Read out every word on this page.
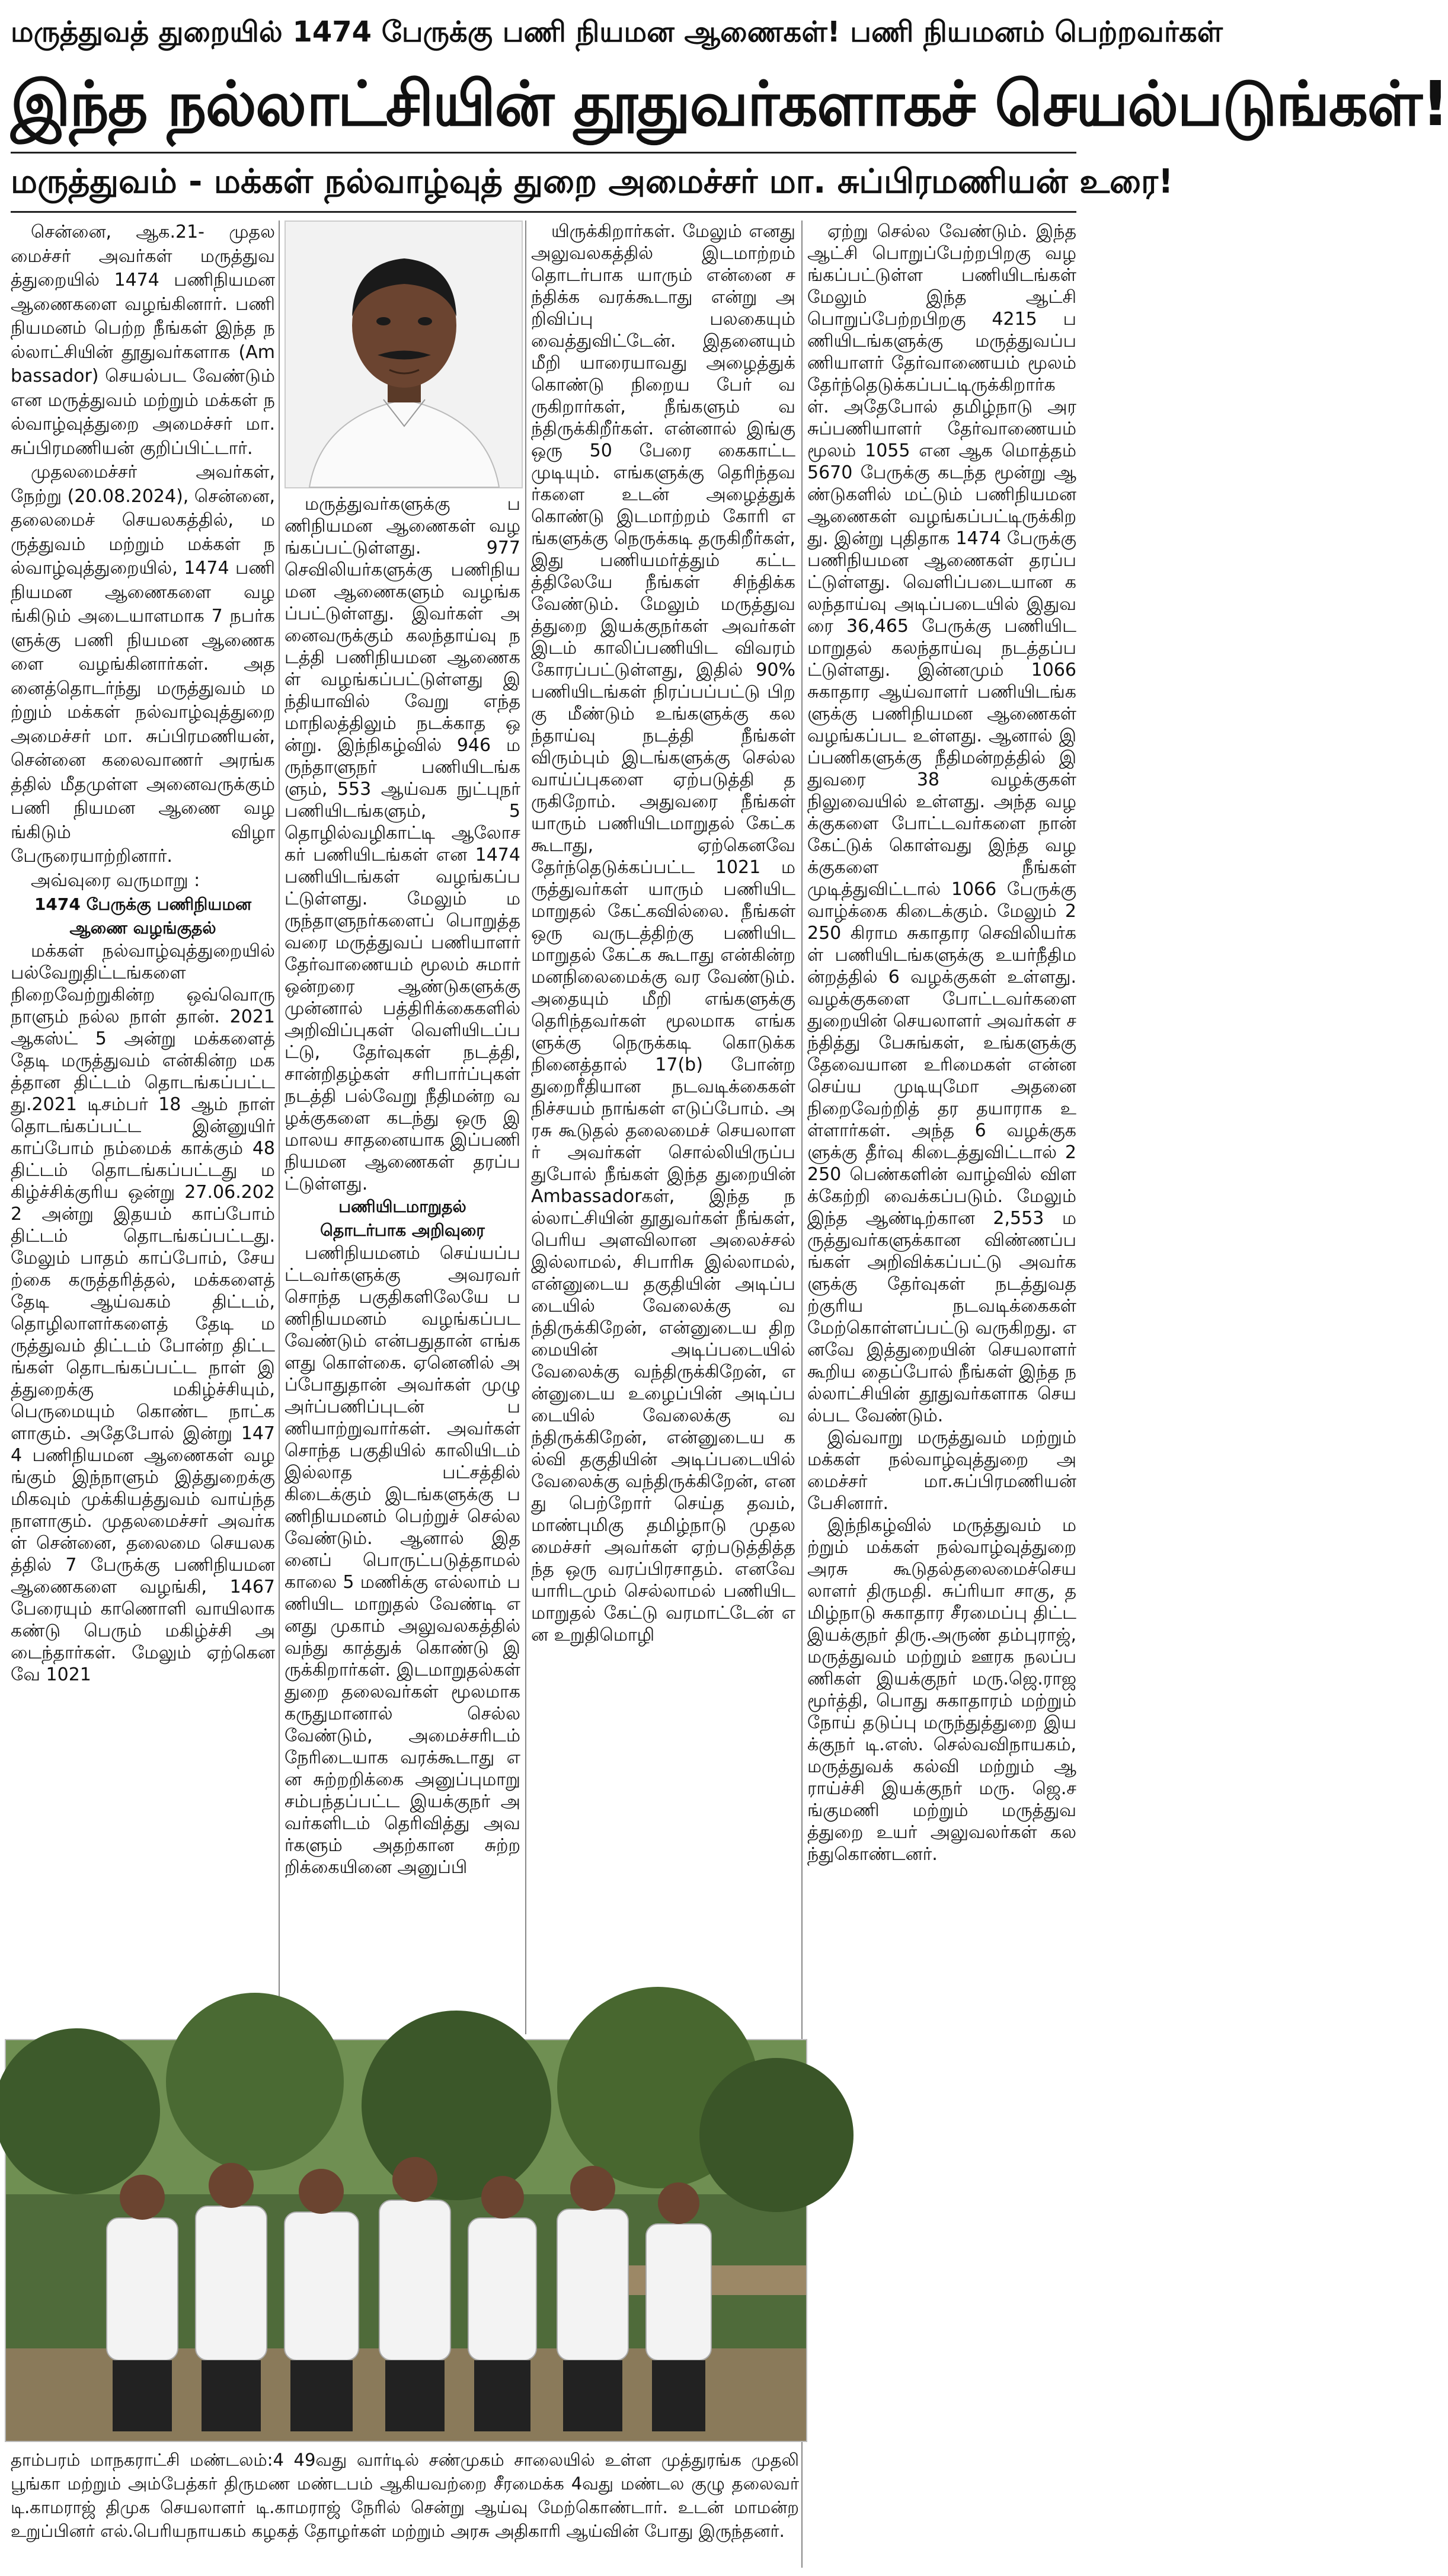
மருத்துவத் துறையில் 1474 பேருக்கு பணி நியமன ஆணைகள்! பணி நியமனம் பெற்றவர்கள்
இந்த நல்லாட்சியின் தூதுவர்களாகச் செயல்படுங்கள்!
மருத்துவம் - மக்கள் நல்வாழ்வுத் துறை அமைச்சர் மா. சுப்பிரமணியன் உரை!

சென்னை, ஆக.21- முதலமைச்சர் அவர்கள் மருத்துவத்துறையில் 1474 பணிநியமன ஆணைகளை வழங்கினார். பணி நியமனம் பெற்ற நீங்கள் இந்த நல்லாட்சியின் தூதுவர்களாக (Ambassador) செயல்பட வேண்டும் என மருத்துவம் மற்றும் மக்கள் நல்வாழ்வுத்துறை அமைச்சர் மா.சுப்பிரமணியன் குறிப்பிட்டார்.

முதலமைச்சர் அவர்கள், நேற்று (20.08.2024), சென்னை, தலைமைச் செயலகத்தில், மருத்துவம் மற்றும் மக்கள் நல்வாழ்வுத்துறையில், 1474 பணி நியமன ஆணைகளை வழங்கிடும் அடையாளமாக 7 நபர்களுக்கு பணி நியமன ஆணைகளை வழங்கினார்கள். அதனைத்தொடர்ந்து மருத்துவம் மற்றும் மக்கள் நல்வாழ்வுத்துறை அமைச்சர் மா. சுப்பிரமணியன், சென்னை கலைவாணர் அரங்கத்தில் மீதமுள்ள அனைவருக்கும் பணி நியமன ஆணை வழங்கிடும் விழா பேருரையாற்றினார்.

அவ்வுரை வருமாறு :

1474 பேருக்கு பணிநியமன
ஆணை வழங்குதல்

மக்கள் நல்வாழ்வுத்துறையில் பல்வேறுதிட்டங்களை நிறைவேற்றுகின்ற ஒவ்வொரு நாளும் நல்ல நாள் தான். 2021 ஆகஸ்ட் 5 அன்று மக்களைத் தேடி மருத்துவம் என்கின்ற மகத்தான திட்டம் தொடங்கப்பட்டது.2021 டிசம்பர் 18 ஆம் நாள் தொடங்கப்பட்ட இன்னுயிர் காப்போம் நம்மைக் காக்கும் 48 திட்டம் தொடங்கப்பட்டது மகிழ்ச்சிக்குரிய ஒன்று 27.06.2022 அன்று இதயம் காப்போம் திட்டம் தொடங்கப்பட்டது. மேலும் பாதம் காப்போம், சேயற்கை கருத்தரித்தல், மக்களைத் தேடி ஆய்வகம் திட்டம், தொழிலாளர்களைத் தேடி மருத்துவம் திட்டம் போன்ற திட்டங்கள் தொடங்கப்பட்ட நாள் இத்துறைக்கு மகிழ்ச்சியும், பெருமையும் கொண்ட நாட்களாகும். அதேபோல் இன்று 1474 பணிநியமன ஆணைகள் வழங்கும் இந்நாளும் இத்துறைக்கு மிகவும் முக்கியத்துவம் வாய்ந்த நாளாகும். முதலமைச்சர் அவர்கள் சென்னை, தலைமை செயலகத்தில் 7 பேருக்கு பணிநியமன ஆணைகளை வழங்கி, 1467 பேரையும் காணொளி வாயிலாக கண்டு பெரும் மகிழ்ச்சி அடைந்தார்கள். மேலும் ஏற்கெனவே 1021

மருத்துவர்களுக்கு பணிநியமன ஆணைகள் வழங்கப்பட்டுள்ளது. 977 செவிலியர்களுக்கு பணிநியமன ஆணைகளும் வழங்கப்பட்டுள்ளது. இவர்கள் அனைவருக்கும் கலந்தாய்வு நடத்தி பணிநியமன ஆணைகள் வழங்கப்பட்டுள்ளது இந்தியாவில் வேறு எந்த மாநிலத்திலும் நடக்காத ஒன்று. இந்நிகழ்வில் 946 மருந்தாளுநர் பணியிடங்களும், 553 ஆய்வக நுட்புநர் பணியிடங்களும், 5 தொழில்வழிகாட்டி ஆலோசகர் பணியிடங்கள் என 1474 பணியிடங்கள் வழங்கப்பட்டுள்ளது. மேலும் மருந்தாளுநர்களைப் பொறுத்தவரை மருத்துவப் பணியாளர் தேர்வாணையம் மூலம் சுமார் ஒன்றரை ஆண்டுகளுக்கு முன்னால் பத்திரிக்கைகளில் அறிவிப்புகள் வெளியிடப்பட்டு, தேர்வுகள் நடத்தி, சான்றிதழ்கள் சரிபார்ப்புகள் நடத்தி பல்வேறு நீதிமன்ற வழக்குகளை கடந்து ஒரு இமாலய சாதனையாக இப்பணி நியமன ஆணைகள் தரப்பட்டுள்ளது.

பணியிடமாறுதல்
தொடர்பாக அறிவுரை

பணிநியமனம் செய்யப்பட்டவர்களுக்கு அவரவர் சொந்த பகுதிகளிலேயே பணிநியமனம் வழங்கப்பட வேண்டும் என்பதுதான் எங்களது கொள்கை. ஏனெனில் அப்போதுதான் அவர்கள் முழு அர்ப்பணிப்புடன் பணியாற்றுவார்கள். அவர்கள் சொந்த பகுதியில் காலியிடம் இல்லாத பட்சத்தில் கிடைக்கும் இடங்களுக்கு பணிநியமனம் பெற்றுச் செல்ல வேண்டும். ஆனால் இதனைப் பொருட்படுத்தாமல் காலை 5 மணிக்கு எல்லாம் பணியிட மாறுதல் வேண்டி எனது முகாம் அலுவலகத்தில் வந்து காத்துக் கொண்டு இருக்கிறார்கள். இடமாறுதல்கள் துறை தலைவர்கள் மூலமாக கருதுமானால் செல்ல வேண்டும், அமைச்சரிடம் நேரிடையாக வரக்கூடாது என சுற்றறிக்கை அனுப்புமாறு சம்பந்தப்பட்ட இயக்குநர் அவர்களிடம் தெரிவித்து அவர்களும் அதற்கான சுற்றறிக்கையினை அனுப்பி

யிருக்கிறார்கள். மேலும் எனது அலுவலகத்தில் இடமாற்றம் தொடர்பாக யாரும் என்னை சந்திக்க வரக்கூடாது என்று அறிவிப்பு பலகையும் வைத்துவிட்டேன். இதனையும் மீறி யாரையாவது அழைத்துக் கொண்டு நிறைய பேர் வருகிறார்கள், நீங்களும் வந்திருக்கிறீர்கள். என்னால் இங்கு ஒரு 50 பேரை கைகாட்ட முடியும். எங்களுக்கு தெரிந்தவர்களை உடன் அழைத்துக் கொண்டு இடமாற்றம் கோரி எங்களுக்கு நெருக்கடி தருகிறீர்கள், இது பணியமர்த்தும் கட்டத்திலேயே நீங்கள் சிந்திக்க வேண்டும். மேலும் மருத்துவத்துறை இயக்குநர்கள் அவர்கள் இடம் காலிப்பணியிட விவரம் கோரப்பட்டுள்ளது, இதில் 90% பணியிடங்கள் நிரப்பப்பட்டு பிறகு மீண்டும் உங்களுக்கு கலந்தாய்வு நடத்தி நீங்கள் விரும்பும் இடங்களுக்கு செல்ல வாய்ப்புகளை ஏற்படுத்தி தருகிறோம். அதுவரை நீங்கள் யாரும் பணியிடமாறுதல் கேட்க கூடாது, ஏற்கெனவே தேர்ந்தெடுக்கப்பட்ட 1021 மருத்துவர்கள் யாரும் பணியிடமாறுதல் கேட்கவில்லை. நீங்கள் ஒரு வருடத்திற்கு பணியிடமாறுதல் கேட்க கூடாது என்கின்ற மனநிலைமைக்கு வர வேண்டும். அதையும் மீறி எங்களுக்கு தெரிந்தவர்கள் மூலமாக எங்களுக்கு நெருக்கடி கொடுக்க நினைத்தால் 17(b) போன்ற துறைரீதியான நடவடிக்கைகள் நிச்சயம் நாங்கள் எடுப்போம். அரசு கூடுதல் தலைமைச் செயலாளர் அவர்கள் சொல்லியிருப்பதுபோல் நீங்கள் இந்த துறையின் Ambassadorகள், இந்த நல்லாட்சியின் தூதுவர்கள் நீங்கள், பெரிய அளவிலான அலைச்சல் இல்லாமல், சிபாரிசு இல்லாமல், என்னுடைய தகுதியின் அடிப்படையில் வேலைக்கு வந்திருக்கிறேன், என்னுடைய திறமையின் அடிப்படையில் வேலைக்கு வந்திருக்கிறேன், என்னுடைய உழைப்பின் அடிப்படையில் வேலைக்கு வந்திருக்கிறேன், என்னுடைய கல்வி தகுதியின் அடிப்படையில் வேலைக்கு வந்திருக்கிறேன், எனது பெற்றோர் செய்த தவம், மாண்புமிகு தமிழ்நாடு முதலமைச்சர் அவர்கள் ஏற்படுத்தித்தந்த ஒரு வரப்பிரசாதம். எனவே யாரிடமும் செல்லாமல் பணியிடமாறுதல் கேட்டு வரமாட்டேன் என உறுதிமொழி

ஏற்று செல்ல வேண்டும். இந்த ஆட்சி பொறுப்பேற்றபிறகு வழங்கப்பட்டுள்ள பணியிடங்கள் மேலும் இந்த ஆட்சி பொறுப்பேற்றபிறகு 4215 பணியிடங்களுக்கு மருத்துவப்பணியாளர் தேர்வாணையம் மூலம் தேர்ந்தெடுக்கப்பட்டிருக்கிறார்கள். அதேபோல் தமிழ்நாடு அரசுப்பணியாளர் தேர்வாணையம் மூலம் 1055 என ஆக மொத்தம் 5670 பேருக்கு கடந்த மூன்று ஆண்டுகளில் மட்டும் பணிநியமன ஆணைகள் வழங்கப்பட்டிருக்கிறது. இன்று புதிதாக 1474 பேருக்கு பணிநியமன ஆணைகள் தரப்பட்டுள்ளது. வெளிப்படையான கலந்தாய்வு அடிப்படையில் இதுவரை 36,465 பேருக்கு பணியிடமாறுதல் கலந்தாய்வு நடத்தப்பட்டுள்ளது. இன்னமும் 1066 சுகாதார ஆய்வாளர் பணியிடங்களுக்கு பணிநியமன ஆணைகள் வழங்கப்பட உள்ளது. ஆனால் இப்பணிகளுக்கு நீதிமன்றத்தில் இதுவரை 38 வழக்குகள் நிலுவையில் உள்ளது. அந்த வழக்குகளை போட்டவர்களை நான் கேட்டுக் கொள்வது இந்த வழக்குகளை நீங்கள் முடித்துவிட்டால் 1066 பேருக்கு வாழ்க்கை கிடைக்கும். மேலும் 2250 கிராம சுகாதார செவிலியர்கள் பணியிடங்களுக்கு உயர்நீதிமன்றத்தில் 6 வழக்குகள் உள்ளது. வழக்குகளை போட்டவர்களை துறையின் செயலாளர் அவர்கள் சந்தித்து பேசுங்கள், உங்களுக்கு தேவையான உரிமைகள் என்ன செய்ய முடியுமோ அதனை நிறைவேற்றித் தர தயாராக உள்ளார்கள். அந்த 6 வழக்குகளுக்கு தீர்வு கிடைத்துவிட்டால் 2250 பெண்களின் வாழ்வில் விளக்கேற்றி வைக்கப்படும். மேலும் இந்த ஆண்டிற்கான 2,553 மருத்துவர்களுக்கான விண்ணப்பங்கள் அறிவிக்கப்பட்டு அவர்களுக்கு தேர்வுகள் நடத்துவதற்குரிய நடவடிக்கைகள் மேற்கொள்ளப்பட்டு வருகிறது. எனவே இத்துறையின் செயலாளர் கூறிய தைப்போல் நீங்கள் இந்த நல்லாட்சியின் தூதுவர்களாக செயல்பட வேண்டும்.

இவ்வாறு மருத்துவம் மற்றும் மக்கள் நல்வாழ்வுத்துறை அமைச்சர் மா.சுப்பிரமணியன் பேசினார்.

இந்நிகழ்வில் மருத்துவம் மற்றும் மக்கள் நல்வாழ்வுத்துறை அரசு கூடுதல்தலைமைச்செயலாளர் திருமதி. சுப்ரியா சாகு, தமிழ்நாடு சுகாதார சீரமைப்பு திட்ட இயக்குநர் திரு.அருண் தம்புராஜ், மருத்துவம் மற்றும் ஊரக நலப்பணிகள் இயக்குநர் மரு.ஜெ.ராஜமூர்த்தி, பொது சுகாதாரம் மற்றும் நோய் தடுப்பு மருந்துத்துறை இயக்குநர் டி.எஸ். செல்வவிநாயகம், மருத்துவக் கல்வி மற்றும் ஆராய்ச்சி இயக்குநர் மரு. ஜெ.சங்குமணி மற்றும் மருத்துவத்துறை உயர் அலுவலர்கள் கலந்துகொண்டனர்.

தாம்பரம் மாநகராட்சி மண்டலம்:4 49வது வார்டில் சண்முகம் சாலையில் உள்ள முத்துரங்க முதலி பூங்கா மற்றும் அம்பேத்கர் திருமண மண்டபம் ஆகியவற்றை சீரமைக்க 4வது மண்டல குழு தலைவர் டி.காமராஜ் திமுக செயலாளர் டி.காமராஜ் நேரில் சென்று ஆய்வு மேற்கொண்டார். உடன் மாமன்ற உறுப்பினர் எல்.பெரியநாயகம் கழகத் தோழர்கள் மற்றும் அரசு அதிகாரி ஆய்வின் போது இருந்தனர்.
